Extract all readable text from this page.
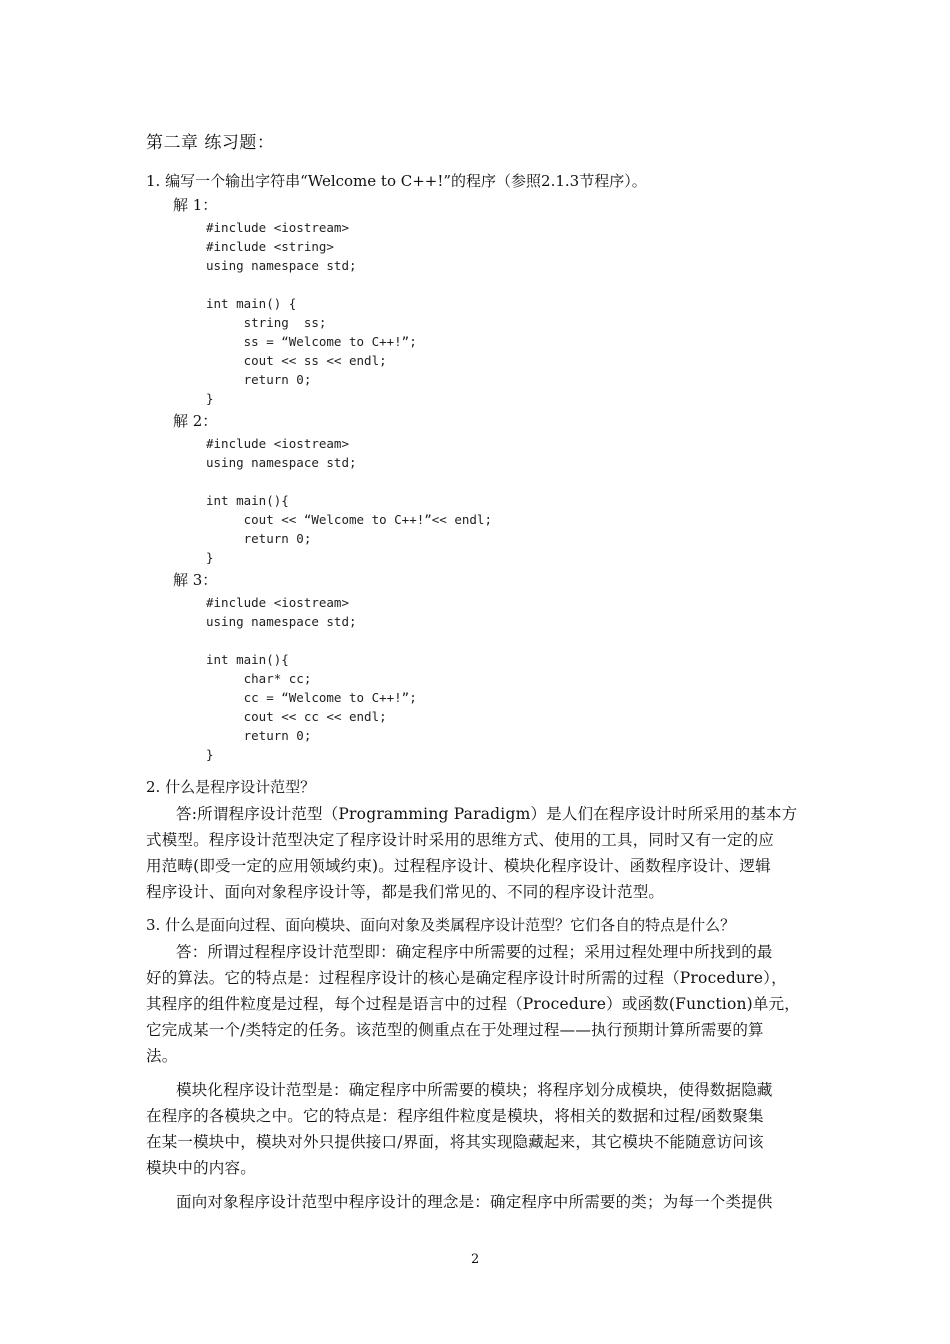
第二章 练习题：
1. 编写一个输出字符串“Welcome to C++!”的程序（参照2.1.3节程序）。
解 1：
#include <iostream>
#include <string>
using namespace std;
int main() {
string  ss;
ss = “Welcome to C++!”;
cout << ss << endl;
return 0;
}
解 2：
#include <iostream>
using namespace std;
int main(){
cout << “Welcome to C++!”<< endl;
return 0;
}
解 3：
#include <iostream>
using namespace std;
int main(){
char* cc;
cc = “Welcome to C++!”;
cout << cc << endl;
return 0;
}
2. 什么是程序设计范型？
答:所谓程序设计范型（Programming Paradigm）是人们在程序设计时所采用的基本方
式模型。程序设计范型决定了程序设计时采用的思维方式、使用的工具，同时又有一定的应
用范畴(即受一定的应用领域约束)。过程程序设计、模块化程序设计、函数程序设计、逻辑
程序设计、面向对象程序设计等，都是我们常见的、不同的程序设计范型。
3. 什么是面向过程、面向模块、面向对象及类属程序设计范型？它们各自的特点是什么？
答：所谓过程程序设计范型即：确定程序中所需要的过程；采用过程处理中所找到的最
好的算法。它的特点是：过程程序设计的核心是确定程序设计时所需的过程（Procedure），
其程序的组件粒度是过程，每个过程是语言中的过程（Procedure）或函数(Function)单元，
它完成某一个/类特定的任务。该范型的侧重点在于处理过程——执行预期计算所需要的算
法。
模块化程序设计范型是：确定程序中所需要的模块；将程序划分成模块，使得数据隐藏
在程序的各模块之中。它的特点是：程序组件粒度是模块，将相关的数据和过程/函数聚集
在某一模块中，模块对外只提供接口/界面，将其实现隐藏起来，其它模块不能随意访问该
模块中的内容。
面向对象程序设计范型中程序设计的理念是：确定程序中所需要的类；为每一个类提供
2
